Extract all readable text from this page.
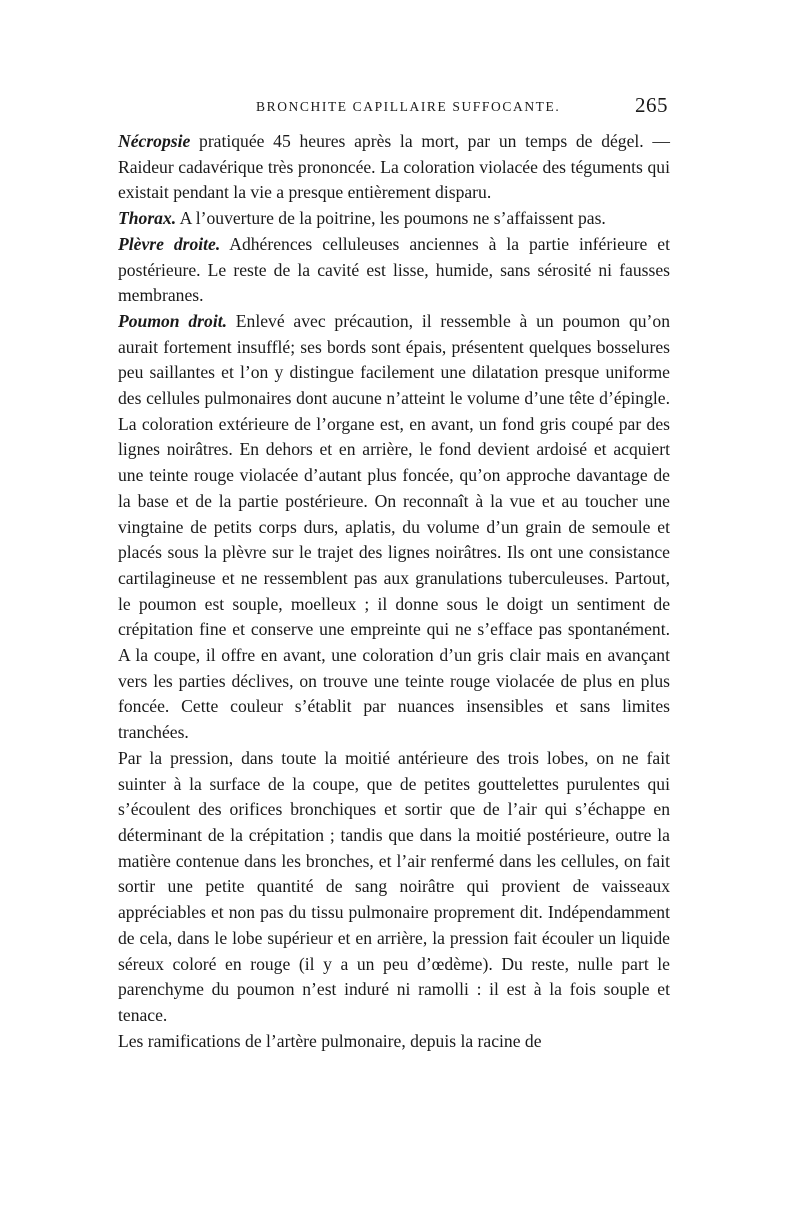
BRONCHITE CAPILLAIRE SUFFOCANTE.	265

Nécropsie pratiquée 45 heures après la mort, par un temps de dégel. — Raideur cadavérique très prononcée. La coloration violacée des téguments qui existait pendant la vie a presque entièrement disparu.

Thorax. A l’ouverture de la poitrine, les poumons ne s’affaissent pas.

Plèvre droite. Adhérences celluleuses anciennes à la partie inférieure et postérieure. Le reste de la cavité est lisse, humide, sans sérosité ni fausses membranes.

Poumon droit. Enlevé avec précaution, il ressemble à un poumon qu’on aurait fortement insufflé; ses bords sont épais, présentent quelques bosselures peu saillantes et l’on y distingue facilement une dilatation presque uniforme des cellules pulmonaires dont aucune n’atteint le volume d’une tête d’épingle. La coloration extérieure de l’organe est, en avant, un fond gris coupé par des lignes noirâtres. En dehors et en arrière, le fond devient ardoisé et acquiert une teinte rouge violacée d’autant plus foncée, qu’on approche davantage de la base et de la partie postérieure. On reconnaît à la vue et au toucher une vingtaine de petits corps durs, aplatis, du volume d’un grain de semoule et placés sous la plèvre sur le trajet des lignes noirâtres. Ils ont une consistance cartilagineuse et ne ressemblent pas aux granulations tuberculeuses. Partout, le poumon est souple, moelleux ; il donne sous le doigt un sentiment de crépitation fine et conserve une empreinte qui ne s’efface pas spontanément. A la coupe, il offre en avant, une coloration d’un gris clair mais en avançant vers les parties déclives, on trouve une teinte rouge violacée de plus en plus foncée. Cette couleur s’établit par nuances insensibles et sans limites tranchées.

Par la pression, dans toute la moitié antérieure des trois lobes, on ne fait suinter à la surface de la coupe, que de petites gouttelettes purulentes qui s’écoulent des orifices bronchiques et sortir que de l’air qui s’échappe en déterminant de la crépitation ; tandis que dans la moitié postérieure, outre la matière contenue dans les bronches, et l’air renfermé dans les cellules, on fait sortir une petite quantité de sang noirâtre qui provient de vaisseaux appréciables et non pas du tissu pulmonaire proprement dit. Indépendamment de cela, dans le lobe supérieur et en arrière, la pression fait écouler un liquide séreux coloré en rouge (il y a un peu d’œdème). Du reste, nulle part le parenchyme du poumon n’est induré ni ramolli : il est à la fois souple et tenace.

Les ramifications de l’artère pulmonaire, depuis la racine de
